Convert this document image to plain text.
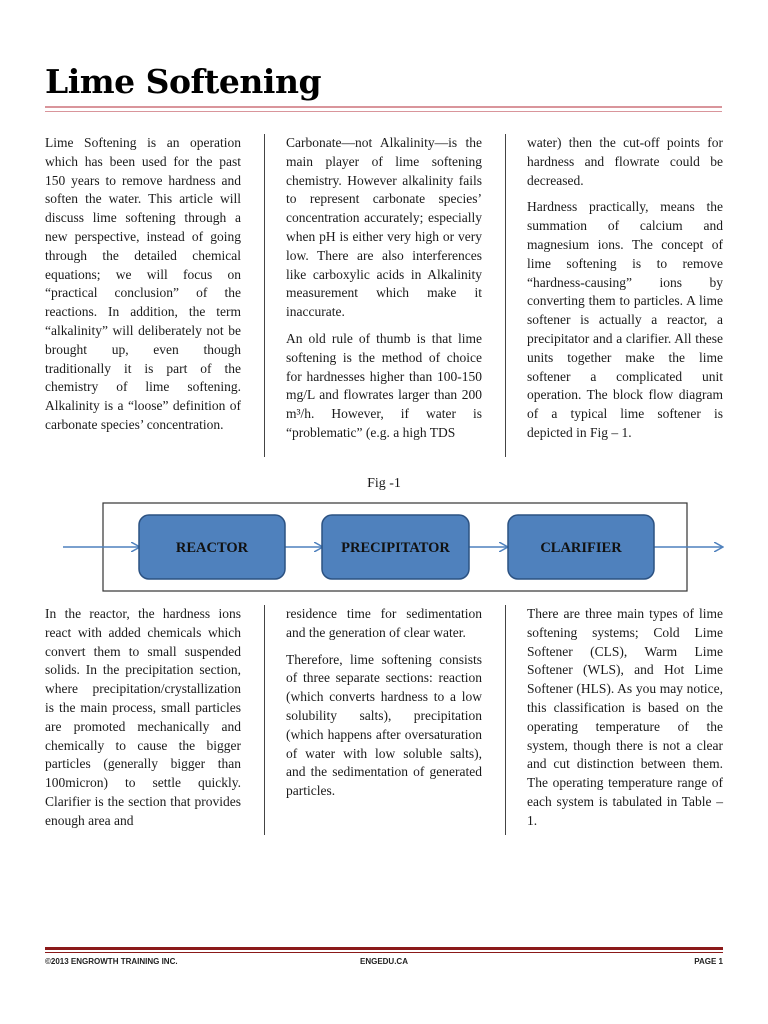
Lime Softening

Lime Softening is an operation which has been used for the past 150 years to remove hardness and soften the water. This article will discuss lime softening through a new perspective, instead of going through the detailed chemical equations; we will focus on “practical conclusion” of the reactions. In addition, the term “alkalinity” will deliberately not be brought up, even though traditionally it is part of the chemistry of lime softening. Alkalinity is a “loose” definition of carbonate species’ concentration.

Carbonate—not Alkalinity—is the main player of lime softening chemistry. However alkalinity fails to represent carbonate species’ concentration accurately; especially when pH is either very high or very low. There are also interferences like carboxylic acids in Alkalinity measurement which make it inaccurate.

An old rule of thumb is that lime softening is the method of choice for hardnesses higher than 100-150 mg/L and flowrates larger than 200 m³/h. However, if water is “problematic” (e.g. a high TDS

water) then the cut-off points for hardness and flowrate could be decreased.

Hardness practically, means the summation of calcium and magnesium ions. The concept of lime softening is to remove “hardness-causing” ions by converting them to particles. A lime softener is actually a reactor, a precipitator and a clarifier. All these units together make the lime softener a complicated unit operation. The block flow diagram of a typical lime softener is depicted in Fig – 1.

Fig -1
REACTOR	PRECIPITATOR	CLARIFIER

In the reactor, the hardness ions react with added chemicals which convert them to small suspended solids. In the precipitation section, where precipitation/crystallization is the main process, small particles are promoted mechanically and chemically to cause the bigger particles (generally bigger than 100micron) to settle quickly. Clarifier is the section that provides enough area and

residence time for sedimentation and the generation of clear water.

Therefore, lime softening consists of three separate sections: reaction (which converts hardness to a low solubility salts), precipitation (which happens after oversaturation of water with low soluble salts), and the sedimentation of generated particles.

There are three main types of lime softening systems; Cold Lime Softener (CLS), Warm Lime Softener (WLS), and Hot Lime Softener (HLS). As you may notice, this classification is based on the operating temperature of the system, though there is not a clear and cut distinction between them. The operating temperature range of each system is tabulated in Table – 1.

©2013 ENGROWTH TRAINING INC.	ENGEDU.CA	PAGE 1
